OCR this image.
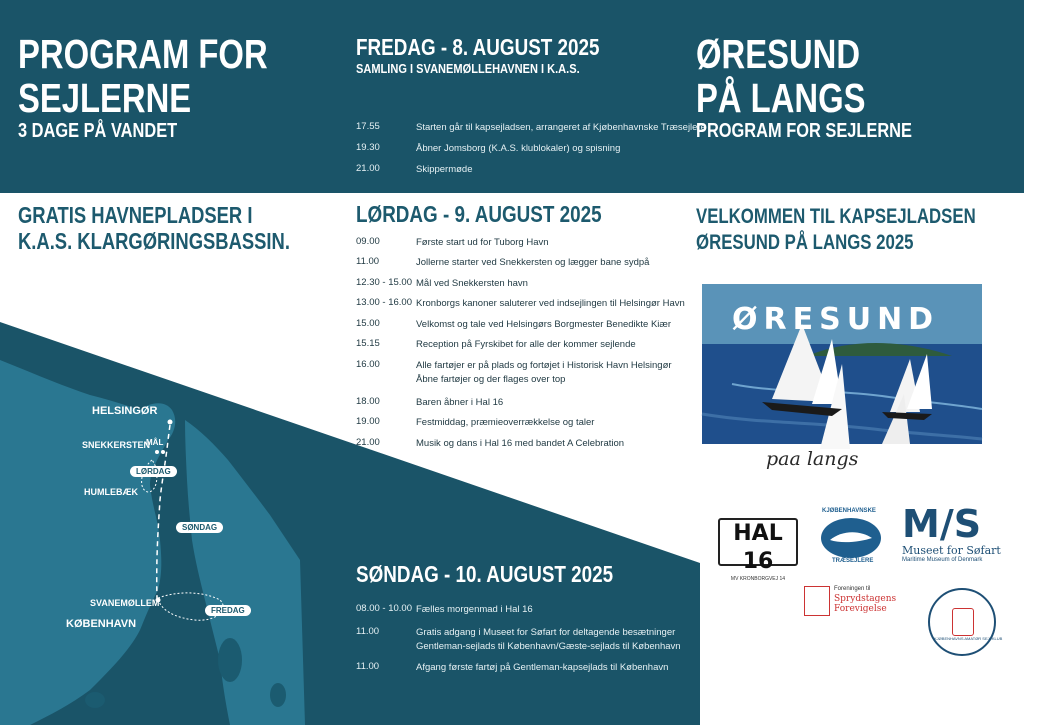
PROGRAM FOR
SEJLERNE
3 DAGE PÅ VANDET
GRATIS HAVNEPLADSER I
K.A.S. KLARGØRINGSBASSIN.
HELSINGØR
SNEKKERSTEN
MÅL
HUMLEBÆK
SVANEMØLLEM
KØBENHAVN
LØRDAG
SØNDAG
FREDAG
FREDAG - 8. AUGUST 2025
SAMLING I SVANEMØLLEHAVNEN I K.A.S.
17.55	Starten går til kapsejladsen, arrangeret af Kjøbenhavnske Træsejlere
19.30	Åbner Jomsborg (K.A.S. klublokaler) og spisning
21.00	Skippermøde
LØRDAG - 9. AUGUST 2025
09.00	Første start ud for Tuborg Havn
11.00	Jollerne starter ved Snekkersten og lægger bane sydpå
12.30 - 15.00 Mål ved Snekkersten havn
13.00 - 16.00 Kronborgs kanoner saluterer ved indsejlingen til Helsingør Havn
15.00	Velkomst og tale ved Helsingørs Borgmester Benedikte Kiær
15.15	Reception på Fyrskibet for alle der kommer sejlende
16.00	Alle fartøjer er på plads og fortøjet i Historisk Havn Helsingør
Åbne fartøjer og der flages over top
18.00	Baren åbner i Hal 16
19.00	Festmiddag, præmieoverrækkelse og taler
21.00	Musik og dans i Hal 16 med bandet A Celebration
SØNDAG - 10. AUGUST 2025
08.00 - 10.00 Fælles morgenmad i Hal 16
11.00	Gratis adgang i Museet for Søfart for deltagende besætninger
Gentleman-sejlads til København/Gæste-sejlads til København
11.00	Afgang første fartøj på Gentleman-kapsejlads til København
ØRESUND
PÅ LANGS
PROGRAM FOR SEJLERNE
VELKOMMEN TIL KAPSEJLADSEN
ØRESUND PÅ LANGS 2025
ØRESUND
paa langs
HAL 16
MV KRONBORGVEJ 14
KJØBENHAVNSKE
TRÆSEJLERE
M/S
Museet for Søfart
Maritime Museum of Denmark
Foreningen til
Sprydstagens
Forevigelse
KJØBENHAVNS AMATØR SEJLKLUB
